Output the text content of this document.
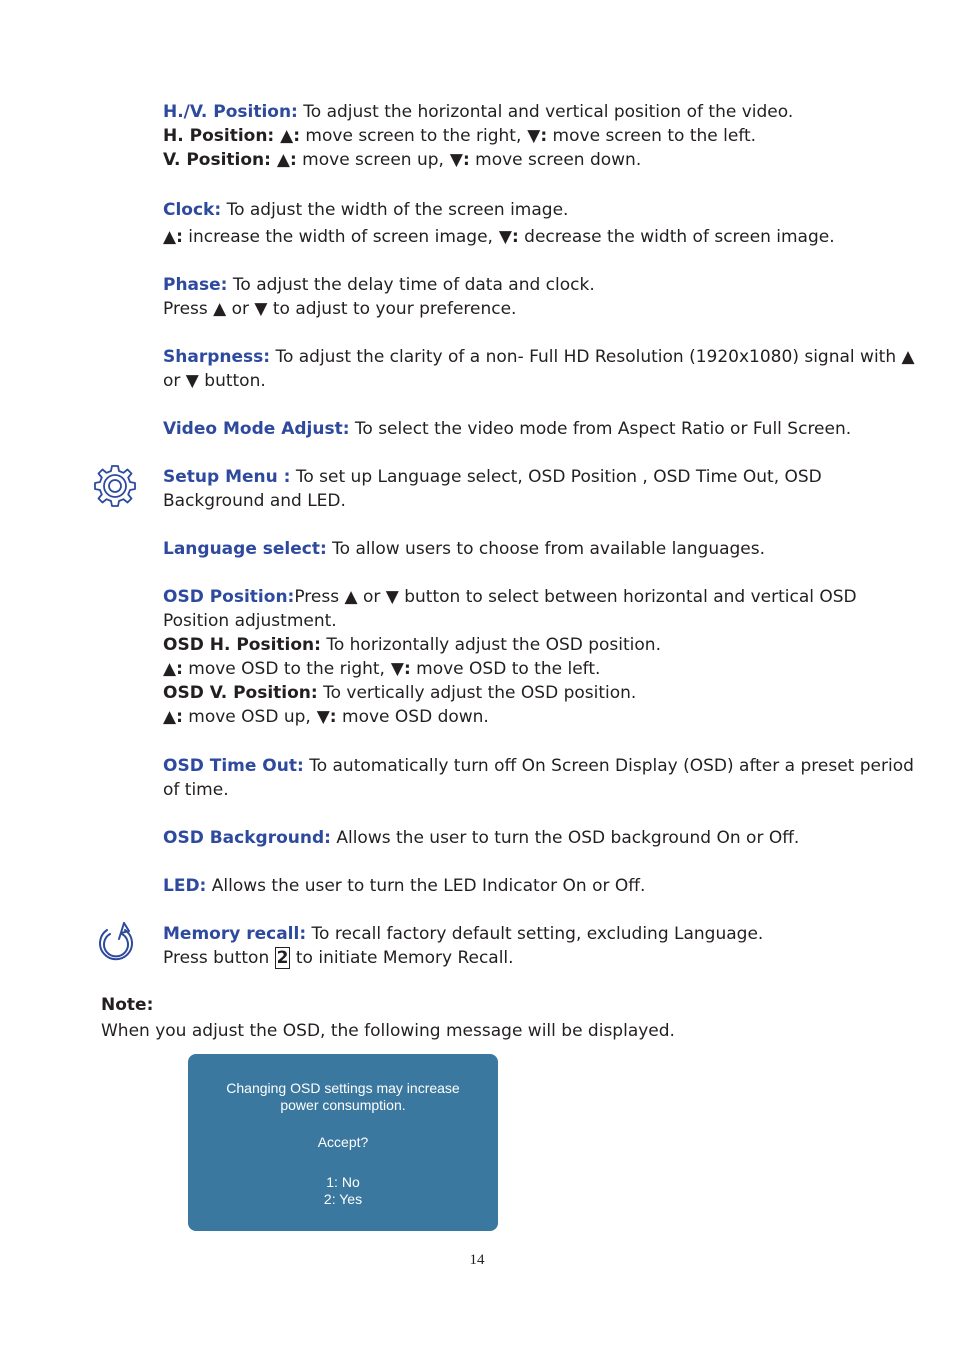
H./V. Position: To adjust the horizontal and vertical position of the video.
H. Position: ▲: move screen to the right, ▼: move screen to the left.
V. Position: ▲: move screen up, ▼: move screen down.
Clock: To adjust the width of the screen image.
▲: increase the width of screen image, ▼: decrease the width of screen image.
Phase: To adjust the delay time of data and clock.
Press ▲ or ▼ to adjust to your preference.
Sharpness: To adjust the clarity of a non- Full HD Resolution (1920x1080) signal with ▲
or ▼ button.
Video Mode Adjust: To select the video mode from Aspect Ratio or Full Screen.
Setup Menu : To set up Language select, OSD Position , OSD Time Out, OSD
Background and LED.
Language select: To allow users to choose from available languages.
OSD Position:Press ▲ or ▼ button to select between horizontal and vertical OSD
Position adjustment.
OSD H. Position: To horizontally adjust the OSD position.
▲: move OSD to the right, ▼: move OSD to the left.
OSD V. Position: To vertically adjust the OSD position.
▲: move OSD up, ▼: move OSD down.
OSD Time Out: To automatically turn off On Screen Display (OSD) after a preset period
of time.
OSD Background: Allows the user to turn the OSD background On or Off.
LED: Allows the user to turn the LED Indicator On or Off.
Memory recall: To recall factory default setting, excluding Language.
Press button 2 to initiate Memory Recall.
Note:
When you adjust the OSD, the following message will be displayed.
Changing OSD settings may increase
power consumption.
Accept?
1: No
2: Yes
14
